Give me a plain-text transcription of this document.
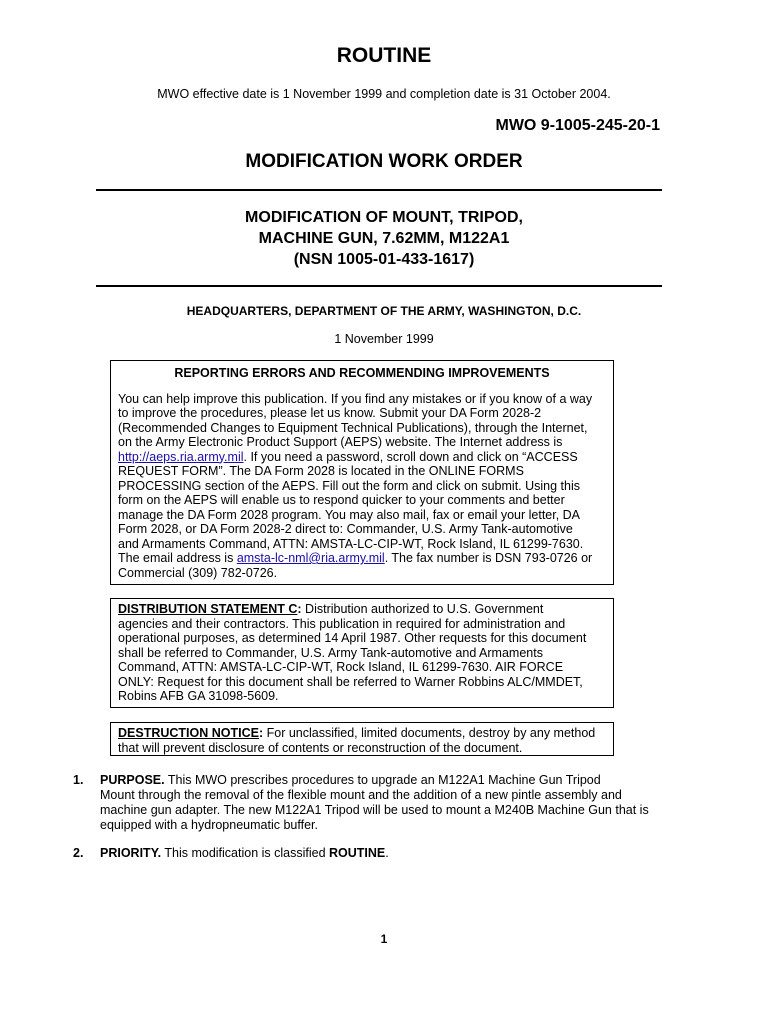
ROUTINE
MWO effective date is 1 November 1999 and completion date is 31 October 2004.
MWO 9-1005-245-20-1
MODIFICATION WORK ORDER
MODIFICATION OF MOUNT, TRIPOD,
MACHINE GUN, 7.62MM, M122A1
(NSN 1005-01-433-1617)
HEADQUARTERS, DEPARTMENT OF THE ARMY, WASHINGTON, D.C.
1 November 1999

REPORTING ERRORS AND RECOMMENDING IMPROVEMENTS

You can help improve this publication. If you find any mistakes or if you know of a way

to improve the procedures, please let us know. Submit your DA Form 2028-2

(Recommended Changes to Equipment Technical Publications), through the Internet,

on the Army Electronic Product Support (AEPS) website. The Internet address is

http://aeps.ria.army.mil. If you need a password, scroll down and click on “ACCESS

REQUEST FORM”. The DA Form 2028 is located in the ONLINE FORMS

PROCESSING section of the AEPS. Fill out the form and click on submit. Using this

form on the AEPS will enable us to respond quicker to your comments and better

manage the DA Form 2028 program. You may also mail, fax or email your letter, DA

Form 2028, or DA Form 2028-2 direct to: Commander, U.S. Army Tank-automotive

and Armaments Command, ATTN: AMSTA-LC-CIP-WT, Rock Island, IL 61299-7630.

The email address is amsta-lc-nml@ria.army.mil. The fax number is DSN 793-0726 or

Commercial (309) 782-0726.

DISTRIBUTION STATEMENT C: Distribution authorized to U.S. Government

agencies and their contractors. This publication in required for administration and

operational purposes, as determined 14 April 1987. Other requests for this document

shall be referred to Commander, U.S. Army Tank-automotive and Armaments

Command, ATTN: AMSTA-LC-CIP-WT, Rock Island, IL 61299-7630. AIR FORCE

ONLY: Request for this document shall be referred to Warner Robbins ALC/MMDET,

Robins AFB GA 31098-5609.

DESTRUCTION NOTICE: For unclassified, limited documents, destroy by any method

that will prevent disclosure of contents or reconstruction of the document.

1. PURPOSE. This MWO prescribes procedures to upgrade an M122A1 Machine Gun Tripod
Mount through the removal of the flexible mount and the addition of a new pintle assembly and
machine gun adapter. The new M122A1 Tripod will be used to mount a M240B Machine Gun that is
equipped with a hydropneumatic buffer.
2. PRIORITY. This modification is classified ROUTINE.
1
